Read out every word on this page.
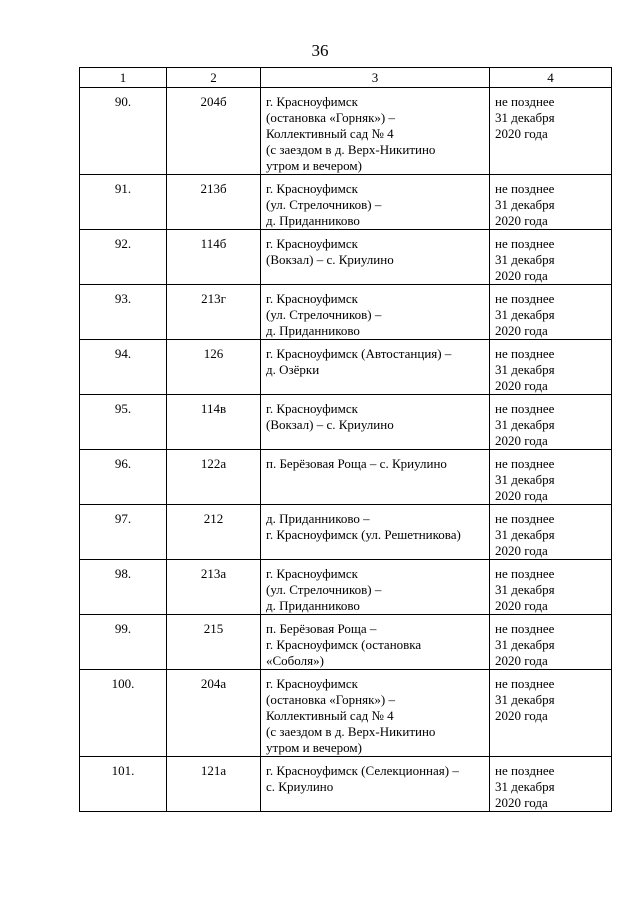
36
1	2	3	4

90.	204б	г. Красноуфимск
(остановка «Горняк») –
Коллективный сад № 4
(с заездом в д. Верх-Никитино
утром и вечером)	не позднее
31 декабря
2020 года

91.	213б	г. Красноуфимск
(ул. Стрелочников) –
д. Приданниково	не позднее
31 декабря
2020 года

92.	114б	г. Красноуфимск
(Вокзал) – с. Криулино	не позднее
31 декабря
2020 года

93.	213г	г. Красноуфимск
(ул. Стрелочников) –
д. Приданниково	не позднее
31 декабря
2020 года

94.	126	г. Красноуфимск (Автостанция) –
д. Озёрки	не позднее
31 декабря
2020 года

95.	114в	г. Красноуфимск
(Вокзал) – с. Криулино	не позднее
31 декабря
2020 года

96.	122а	п. Берёзовая Роща – с. Криулино	не позднее
31 декабря
2020 года

97.	212	д. Приданниково –
г. Красноуфимск (ул. Решетникова)	не позднее
31 декабря
2020 года

98.	213а	г. Красноуфимск
(ул. Стрелочников) –
д. Приданниково	не позднее
31 декабря
2020 года

99.	215	п. Берёзовая Роща –
г. Красноуфимск (остановка
«Соболя»)	не позднее
31 декабря
2020 года

100.	204а	г. Красноуфимск
(остановка «Горняк») –
Коллективный сад № 4
(с заездом в д. Верх-Никитино
утром и вечером)	не позднее
31 декабря
2020 года

101.	121а	г. Красноуфимск (Селекционная) –
с. Криулино	не позднее
31 декабря
2020 года
